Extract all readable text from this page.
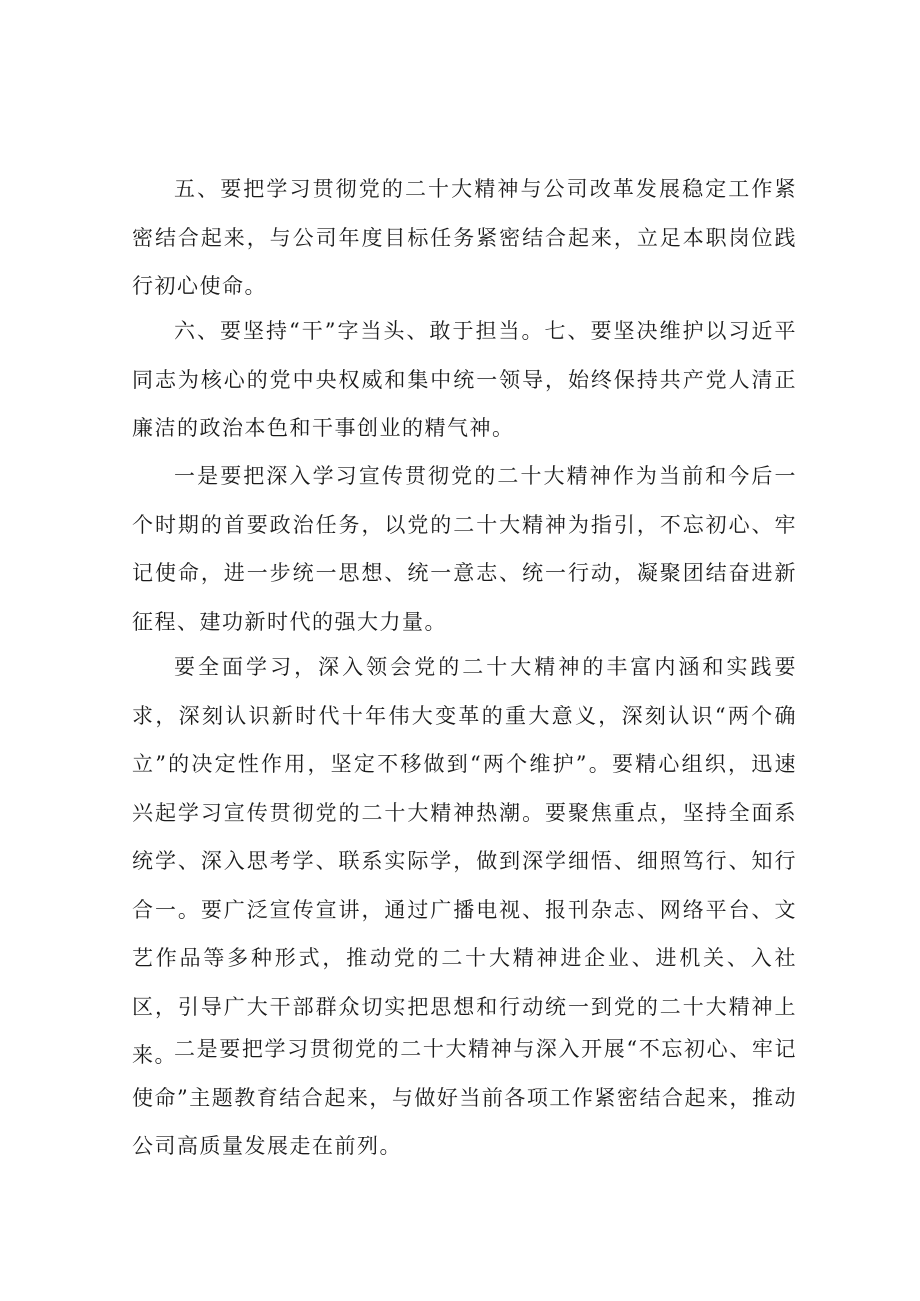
五、要把学习贯彻党的二十大精神与公司改革发展稳定工作紧密结合起来，与公司年度目标任务紧密结合起来，立足本职岗位践行初心使命。

六、要坚持“干”字当头、敢于担当。七、要坚决维护以习近平同志为核心的党中央权威和集中统一领导，始终保持共产党人清正廉洁的政治本色和干事创业的精气神。

一是要把深入学习宣传贯彻党的二十大精神作为当前和今后一个时期的首要政治任务，以党的二十大精神为指引，不忘初心、牢记使命，进一步统一思想、统一意志、统一行动，凝聚团结奋进新征程、建功新时代的强大力量。

要全面学习，深入领会党的二十大精神的丰富内涵和实践要求，深刻认识新时代十年伟大变革的重大意义，深刻认识“两个确立”的决定性作用，坚定不移做到“两个维护”。要精心组织，迅速兴起学习宣传贯彻党的二十大精神热潮。要聚焦重点，坚持全面系统学、深入思考学、联系实际学，做到深学细悟、细照笃行、知行合一。要广泛宣传宣讲，通过广播电视、报刊杂志、网络平台、文艺作品等多种形式，推动党的二十大精神进企业、进机关、入社区，引导广大干部群众切实把思想和行动统一到党的二十大精神上来。

二是要把学习贯彻党的二十大精神与深入开展“不忘初心、牢记使命”主题教育结合起来，与做好当前各项工作紧密结合起来，推动公司高质量发展走在前列。
